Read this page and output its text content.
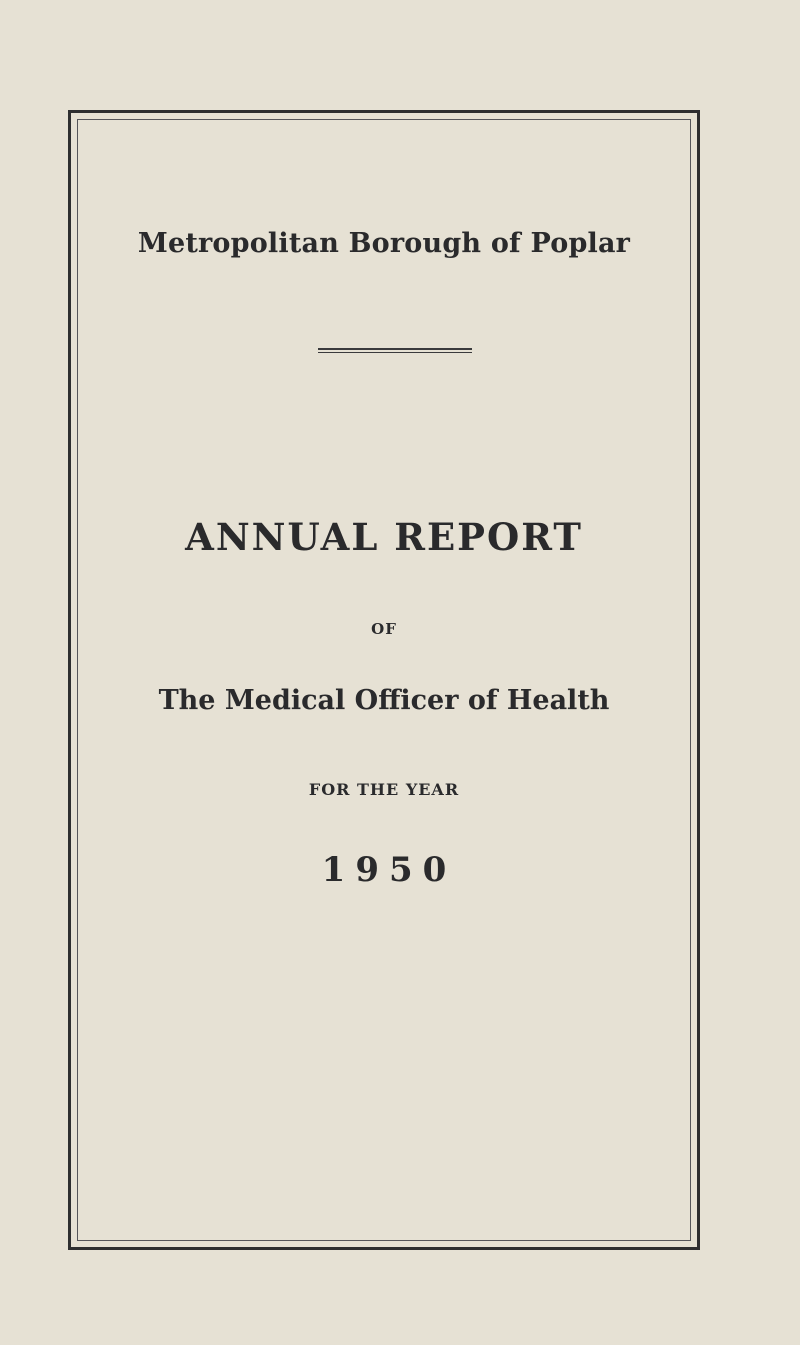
Metropolitan Borough of Poplar
ANNUAL REPORT
OF
The Medical Officer of Health
FOR THE YEAR
1950
